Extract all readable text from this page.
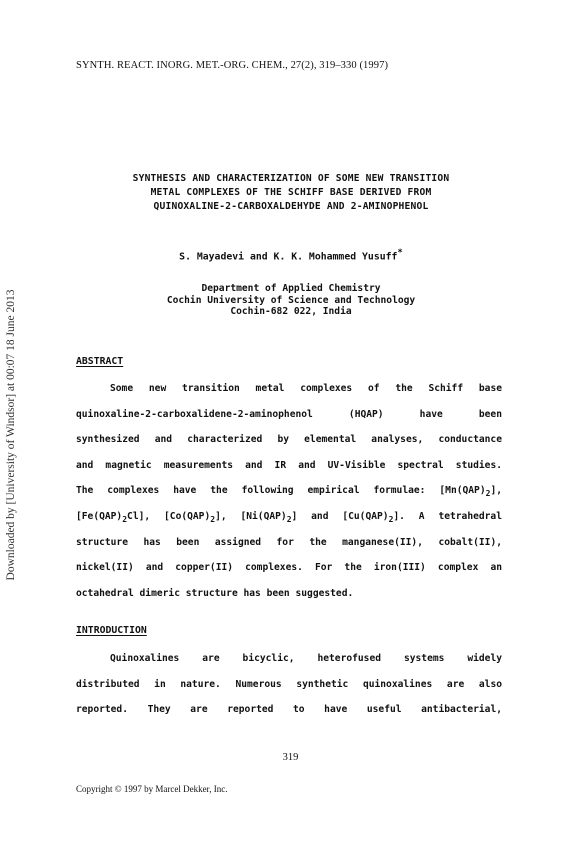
Downloaded by [University of Windsor] at 00:07 18 June 2013
SYNTH. REACT. INORG. MET.-ORG. CHEM., 27(2), 319–330 (1997)
SYNTHESIS AND CHARACTERIZATION OF SOME NEW TRANSITION
METAL COMPLEXES OF THE SCHIFF BASE DERIVED FROM
QUINOXALINE-2-CARBOXALDEHYDE AND 2-AMINOPHENOL
S. Mayadevi and K. K. Mohammed Yusuff*
Department of Applied Chemistry
Cochin University of Science and Technology
Cochin-682 022, India
ABSTRACT
Some new transition metal complexes of the Schiff base
quinoxaline-2-carboxalidene-2-aminophenol (HQAP) have been
synthesized and characterized by elemental analyses, conductance
and magnetic measurements and IR and UV-Visible spectral studies.
The complexes have the following empirical formulae: $[Mn(QAP)_2]$,
$[Fe(QAP)_2Cl]$, $[Co(QAP)_2]$, $[Ni(QAP)_2]$ and $[Cu(QAP)_2]$. A tetrahedral
structure has been assigned for the manganese(II), cobalt(II),
nickel(II) and copper(II) complexes. For the iron(III) complex an
octahedral dimeric structure has been suggested.
INTRODUCTION
Quinoxalines are bicyclic, heterofused systems widely
distributed in nature. Numerous synthetic quinoxalines are also
reported. They are reported to have useful antibacterial,
319
Copyright © 1997 by Marcel Dekker, Inc.
